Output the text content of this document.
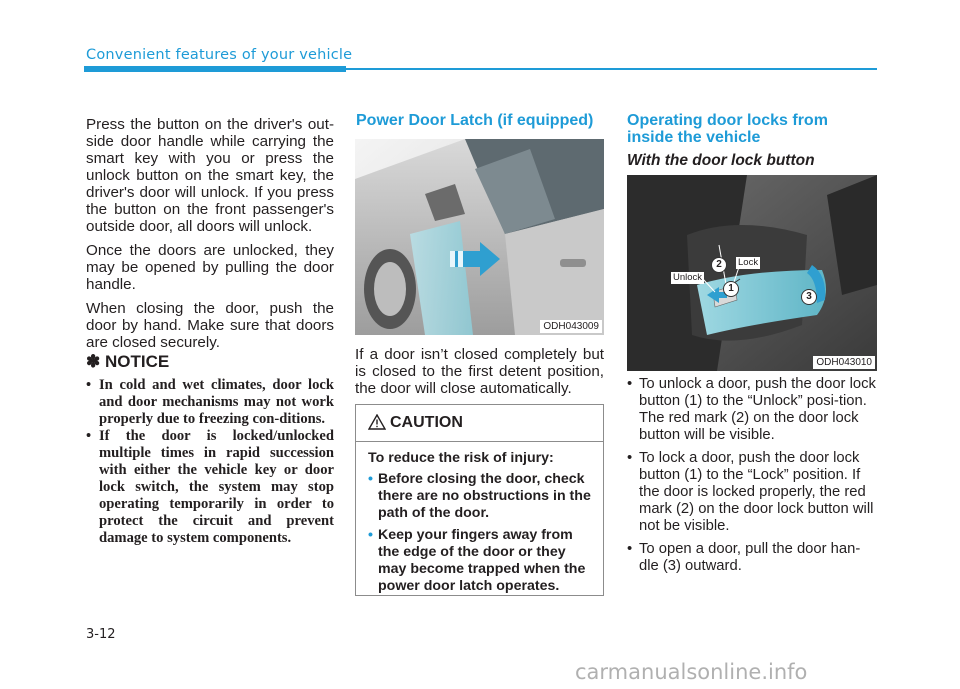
Convenient features of your vehicle

Press the button on the driver's out-side door handle while carrying the smart key with you or press the unlock button on the smart key, the driver's door will unlock. If you press the button on the front passenger's outside door, all doors will unlock.

Once the doors are unlocked, they may be opened by pulling the door handle.

When closing the door, push the door by hand. Make sure that doors are closed securely.

✽ NOTICE
• In cold and wet climates, door lock and door mechanisms may not work properly due to freezing con-ditions.
• If the door is locked/unlocked multiple times in rapid succession with either the vehicle key or door lock switch, the system may stop operating temporarily in order to protect the circuit and prevent damage to system components.
Power Door Latch (if equipped)
ODH043009

If a door isn’t closed completely but is closed to the first detent position, the door will close automatically.

CAUTION
To reduce the risk of injury:
• Before closing the door, check there are no obstructions in the path of the door.
• Keep your fingers away from the edge of the door or they may become trapped when the power door latch operates.
Operating door locks from inside the vehicle
With the door lock button
2
1
3
Unlock
Lock
ODH043010
• To unlock a door, push the door lock button (1) to the “Unlock” posi-tion. The red mark (2) on the door lock button will be visible.
• To lock a door, push the door lock button (1) to the “Lock” position. If the door is locked properly, the red mark (2) on the door lock button will not be visible.
• To open a door, pull the door han-dle (3) outward.
3-12
carmanualsonline.info
